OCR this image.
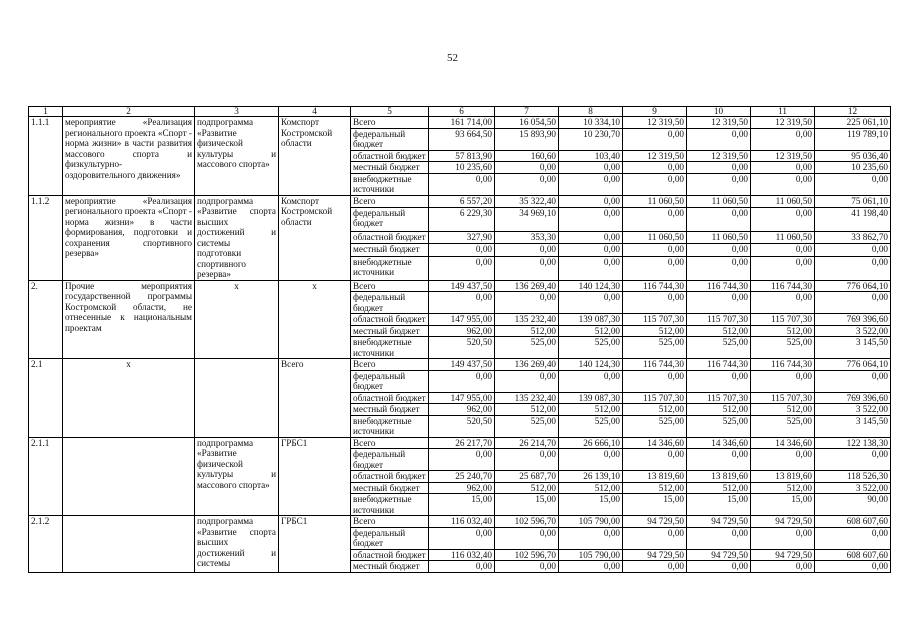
52
1	2	3	4	5	6	7	8	9	10	11	12
1.1.1	мероприятие «Реализация регионального проекта «Спорт - норма жизни» в части развития массового спорта и физкультурно-оздоровительного движения»	подпрограмма «Развитие физической культуры и массового спорта»	Комспорт Костромской области	Всего	161 714,00	16 054,50	10 334,10	12 319,50	12 319,50	12 319,50	225 061,10
				федеральный бюджет	93 664,50	15 893,90	10 230,70	0,00	0,00	0,00	119 789,10
				областной бюджет	57 813,90	160,60	103,40	12 319,50	12 319,50	12 319,50	95 036,40
				местный бюджет	10 235,60	0,00	0,00	0,00	0,00	0,00	10 235,60
				внебюджетные источники	0,00	0,00	0,00	0,00	0,00	0,00	0,00
1.1.2	мероприятие «Реализация регионального проекта «Спорт - норма жизни» в части формирования, подготовки и сохранения спортивного резерва»	подпрограмма «Развитие спорта высших достижений и системы подготовки спортивного резерва»	Комспорт Костромской области	Всего	6 557,20	35 322,40	0,00	11 060,50	11 060,50	11 060,50	75 061,10
				федеральный бюджет	6 229,30	34 969,10	0,00	0,00	0,00	0,00	41 198,40
				областной бюджет	327,90	353,30	0,00	11 060,50	11 060,50	11 060,50	33 862,70
				местный бюджет	0,00	0,00	0,00	0,00	0,00	0,00	0,00
				внебюджетные источники	0,00	0,00	0,00	0,00	0,00	0,00	0,00
2.	Прочие мероприятия государственной программы Костромской области, не отнесенные к национальным проектам	х	х	Всего	149 437,50	136 269,40	140 124,30	116 744,30	116 744,30	116 744,30	776 064,10
				федеральный бюджет	0,00	0,00	0,00	0,00	0,00	0,00	0,00
				областной бюджет	147 955,00	135 232,40	139 087,30	115 707,30	115 707,30	115 707,30	769 396,60
				местный бюджет	962,00	512,00	512,00	512,00	512,00	512,00	3 522,00
				внебюджетные источники	520,50	525,00	525,00	525,00	525,00	525,00	3 145,50
2.1	х		Всего	Всего	149 437,50	136 269,40	140 124,30	116 744,30	116 744,30	116 744,30	776 064,10
				федеральный бюджет	0,00	0,00	0,00	0,00	0,00	0,00	0,00
				областной бюджет	147 955,00	135 232,40	139 087,30	115 707,30	115 707,30	115 707,30	769 396,60
				местный бюджет	962,00	512,00	512,00	512,00	512,00	512,00	3 522,00
				внебюджетные источники	520,50	525,00	525,00	525,00	525,00	525,00	3 145,50
2.1.1		подпрограмма «Развитие физической культуры и массового спорта»	ГРБС1	Всего	26 217,70	26 214,70	26 666,10	14 346,60	14 346,60	14 346,60	122 138,30
				федеральный бюджет	0,00	0,00	0,00	0,00	0,00	0,00	0,00
				областной бюджет	25 240,70	25 687,70	26 139,10	13 819,60	13 819,60	13 819,60	118 526,30
				местный бюджет	962,00	512,00	512,00	512,00	512,00	512,00	3 522,00
				внебюджетные источники	15,00	15,00	15,00	15,00	15,00	15,00	90,00
2.1.2		подпрограмма «Развитие спорта высших достижений и системы	ГРБС1	Всего	116 032,40	102 596,70	105 790,00	94 729,50	94 729,50	94 729,50	608 607,60
				федеральный бюджет	0,00	0,00	0,00	0,00	0,00	0,00	0,00
				областной бюджет	116 032,40	102 596,70	105 790,00	94 729,50	94 729,50	94 729,50	608 607,60
				местный бюджет	0,00	0,00	0,00	0,00	0,00	0,00	0,00
